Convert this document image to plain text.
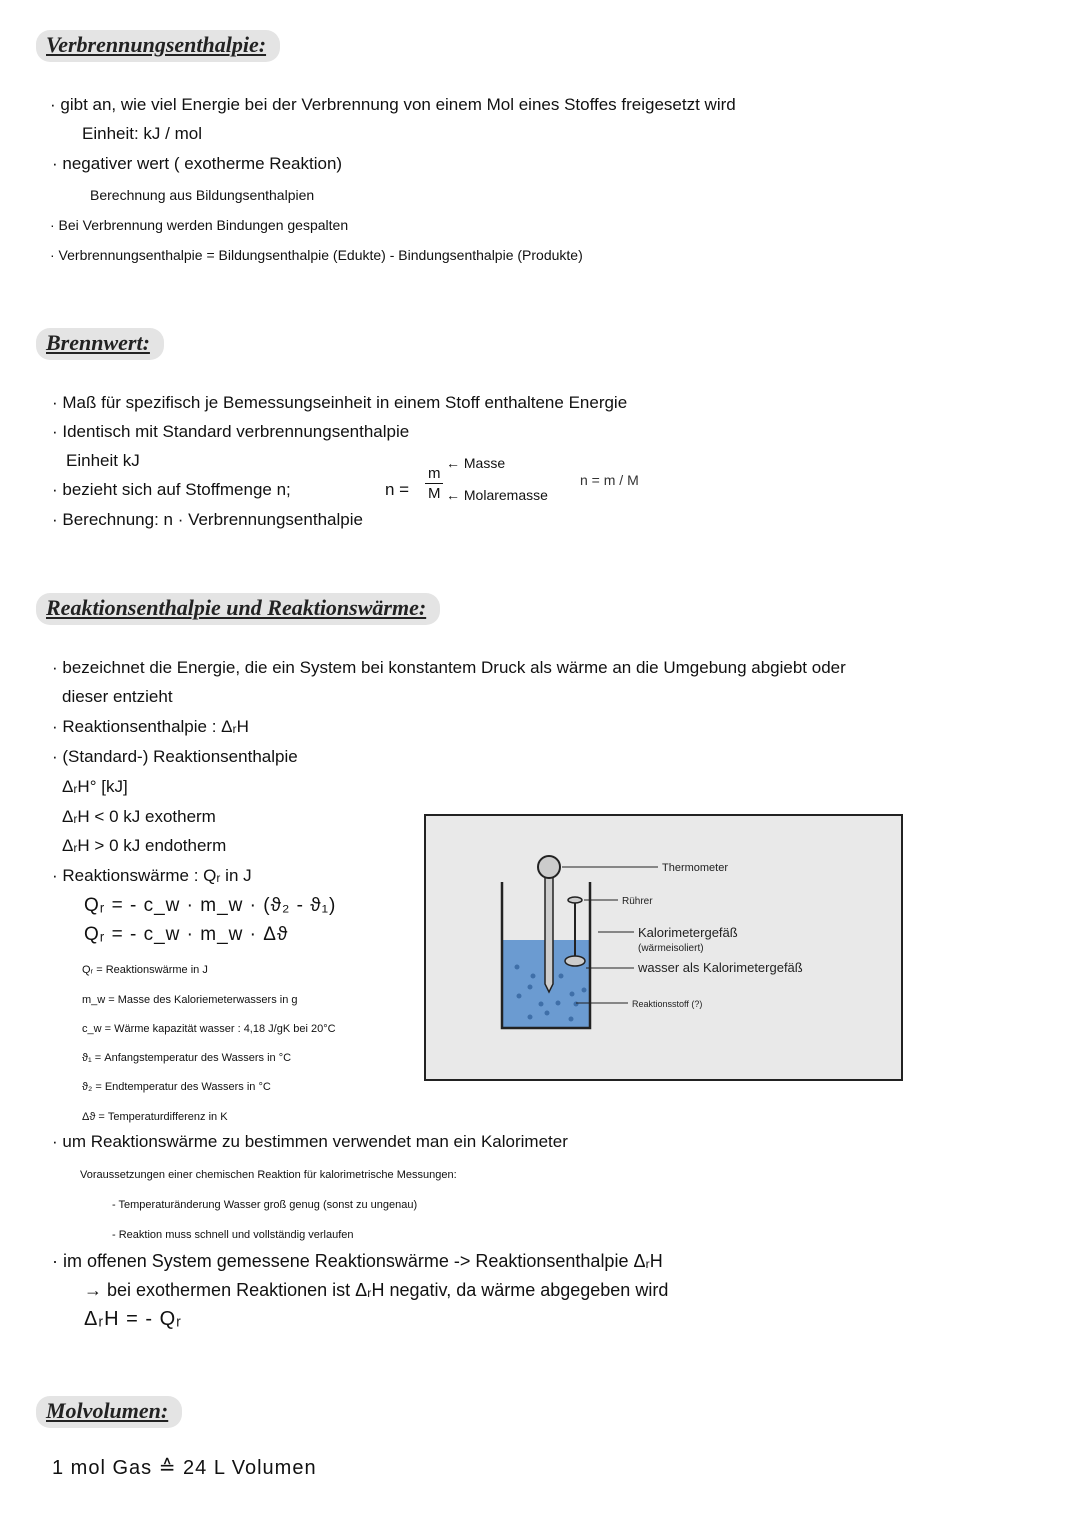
Verbrennungsenthalpie:
· gibt an, wie viel Energie bei der Verbrennung von einem Mol eines Stoffes freigesetzt wird
Einheit: kJ / mol
· negativer wert ( exotherme Reaktion)
Berechnung aus Bildungsenthalpien
· Bei Verbrennung werden Bindungen gespalten
· Verbrennungsenthalpie = Bildungsenthalpie (Edukte) - Bindungsenthalpie (Produkte)
Brennwert:
· Maß für spezifisch je Bemessungseinheit in einem Stoff enthaltene Energie
· Identisch mit Standard verbrennungsenthalpie
Einheit kJ
· bezieht sich auf Stoffmenge n;
· Berechnung: n · Verbrennungsenthalpie
n =
m
M
← Masse
← Molaremasse
n = m / M
Reaktionsenthalpie und Reaktionswärme:
· bezeichnet die Energie, die ein System bei konstantem Druck als wärme an die Umgebung abgiebt oder
dieser entzieht
· Reaktionsenthalpie : ΔᵣH
· (Standard-) Reaktionsenthalpie
ΔᵣH° [kJ]
ΔᵣH < 0 kJ exotherm
ΔᵣH > 0 kJ endotherm
· Reaktionswärme : Qᵣ in J
Qᵣ = - c_w · m_w · (ϑ₂ - ϑ₁)
Qᵣ = - c_w · m_w · Δϑ
Qᵣ = Reaktionswärme in J
m_w = Masse des Kaloriemeterwassers in g
c_w = Wärme kapazität wasser : 4,18 J/gK bei 20°C
ϑ₁ = Anfangstemperatur des Wassers in °C
ϑ₂ = Endtemperatur des Wassers in °C
Δϑ = Temperaturdifferenz in K
· um Reaktionswärme zu bestimmen verwendet man ein Kalorimeter
Voraussetzungen einer chemischen Reaktion für kalorimetrische Messungen:
- Temperaturänderung Wasser groß genug (sonst zu ungenau)
- Reaktion muss schnell und vollständig verlaufen
· im offenen System gemessene Reaktionswärme -> Reaktionsenthalpie ΔᵣH
→ bei exothermen Reaktionen ist ΔᵣH negativ, da wärme abgegeben wird
ΔᵣH = - Qᵣ
Thermometer
Rührer
Kalorimetergefäß
(wärmeisoliert)
wasser als Kalorimetergefäß
Reaktionsstoff (?)
Molvolumen:
1 mol Gas ≙ 24 L Volumen
